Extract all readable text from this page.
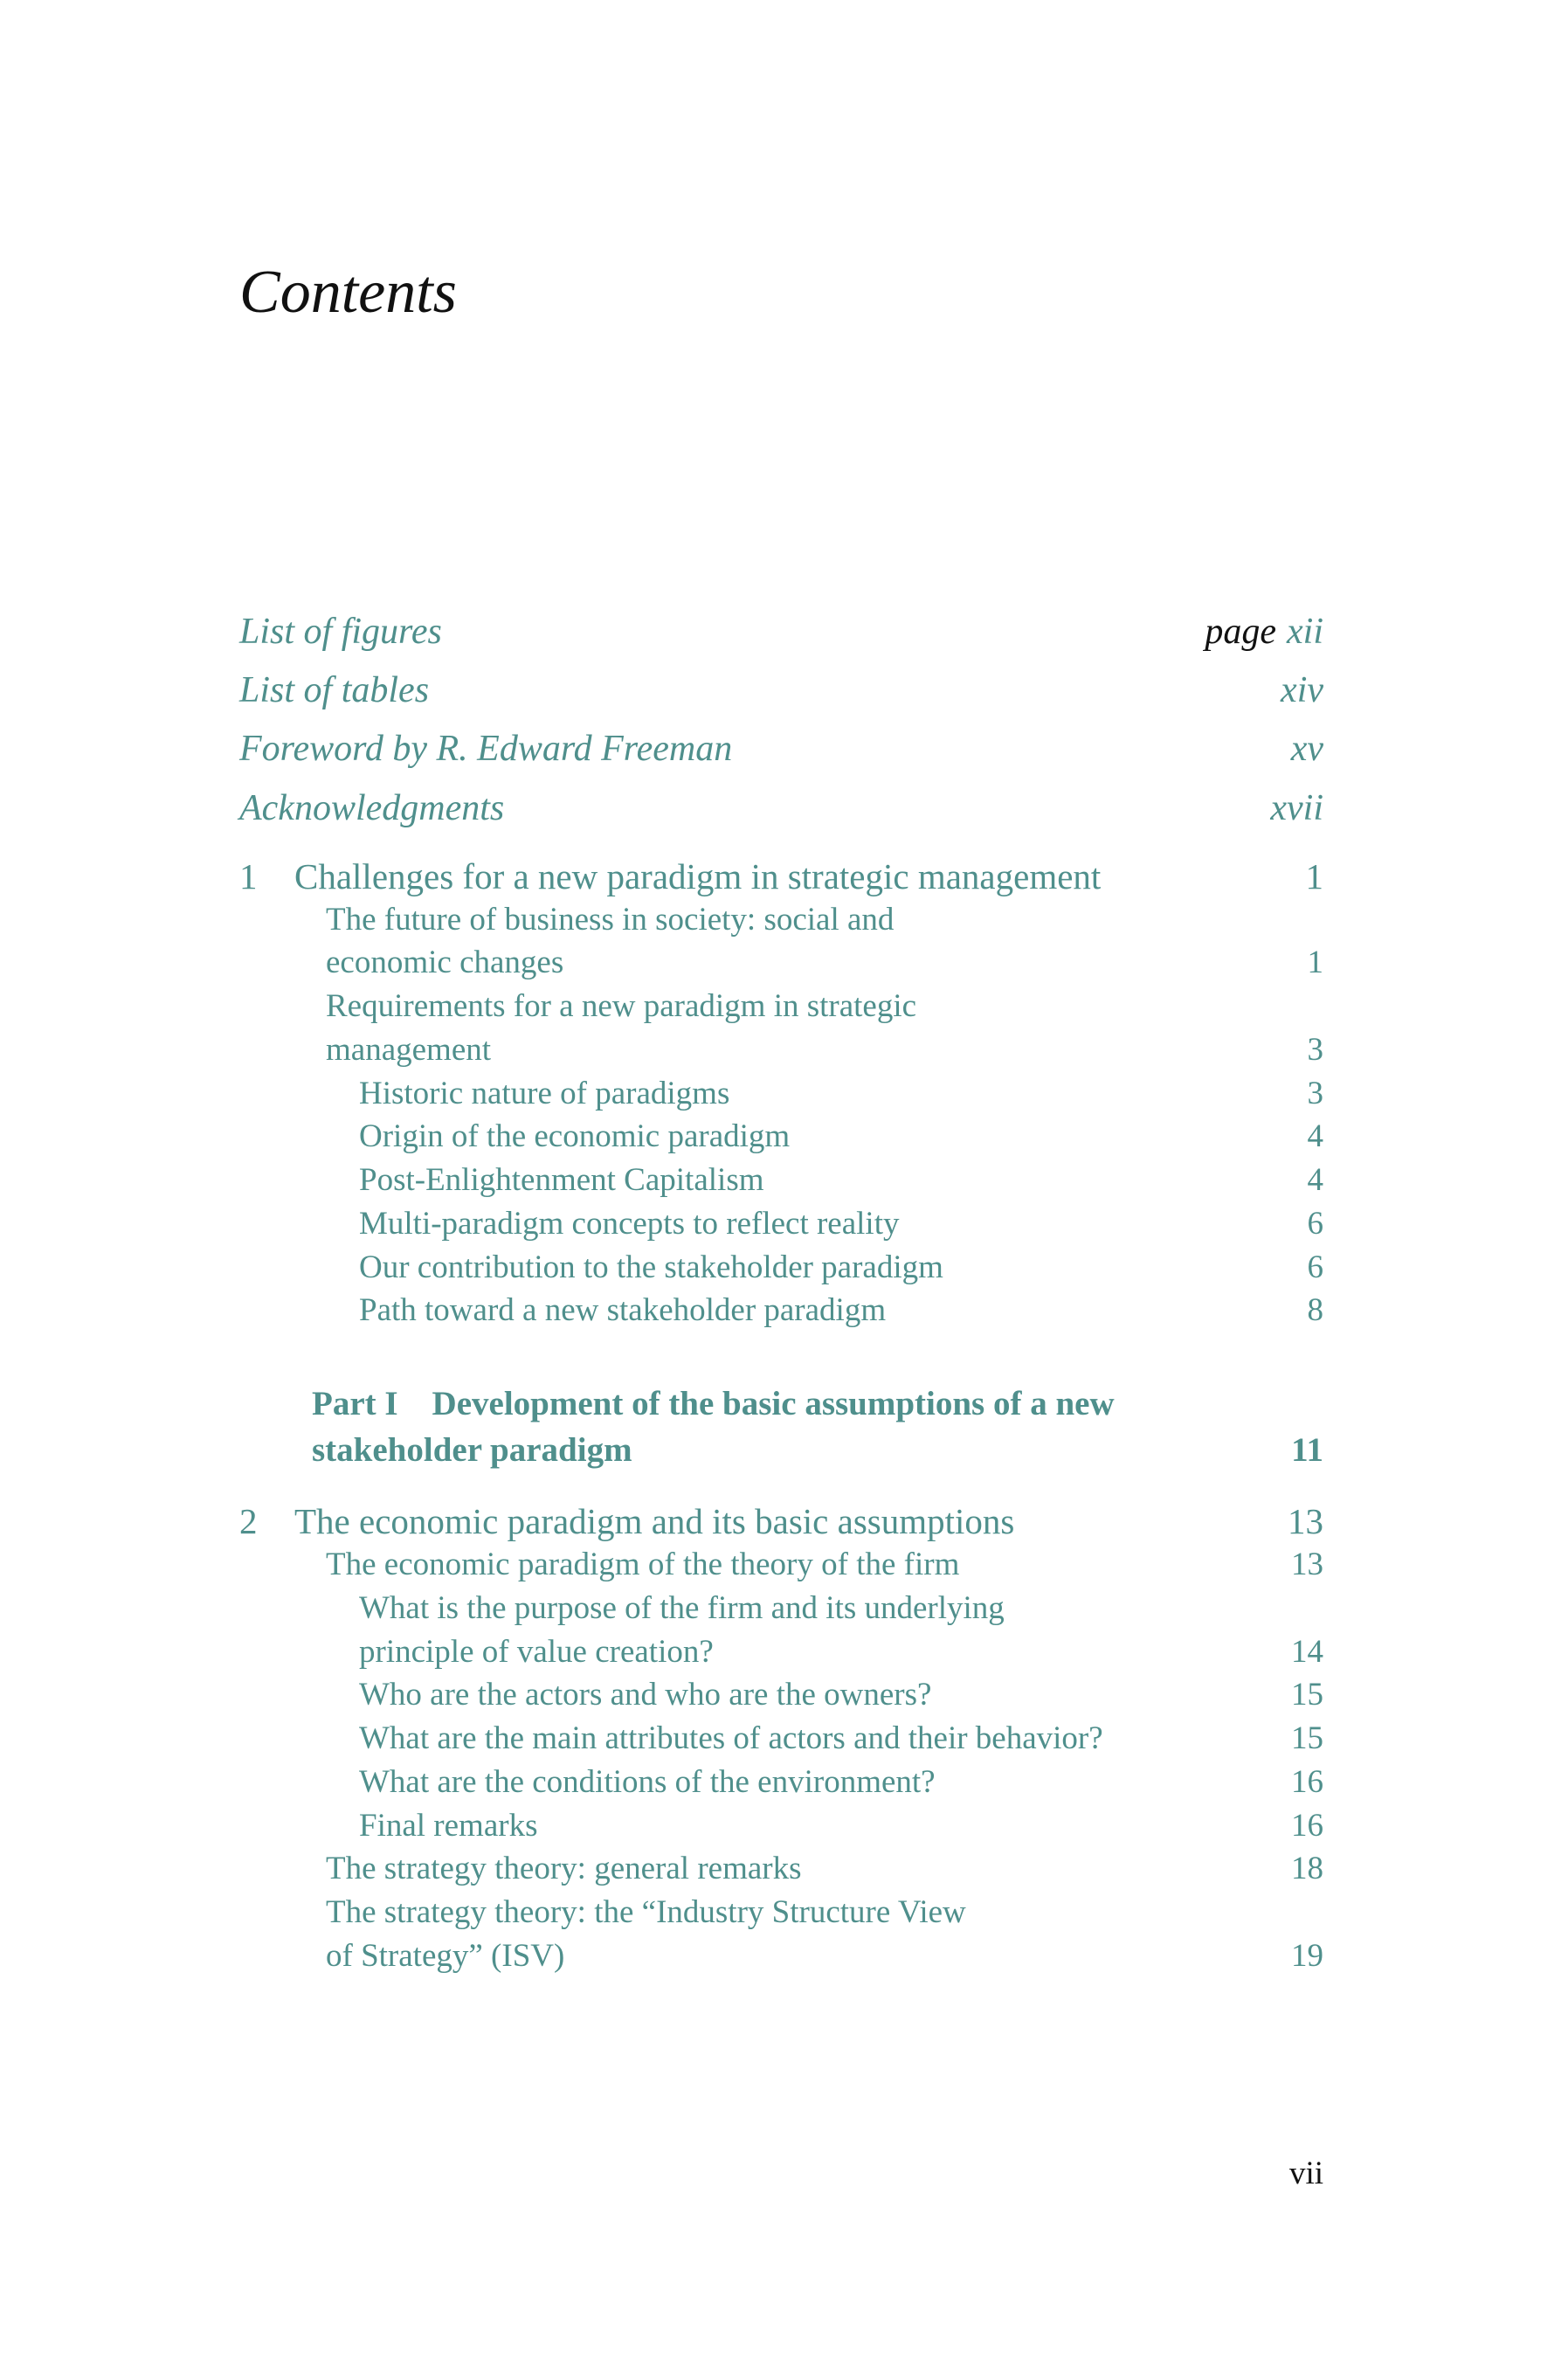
Contents
List of figures	page xii
List of tables	xiv
Foreword by R. Edward Freeman	xv
Acknowledgments	xvii
1 Challenges for a new paradigm in strategic management	1
The future of business in society: social and
economic changes	1
Requirements for a new paradigm in strategic
management	3
Historic nature of paradigms	3
Origin of the economic paradigm	4
Post-Enlightenment Capitalism	4
Multi-paradigm concepts to reflect reality	6
Our contribution to the stakeholder paradigm	6
Path toward a new stakeholder paradigm	8
Part I    Development of the basic assumptions of a new
stakeholder paradigm	11
2 The economic paradigm and its basic assumptions	13
The economic paradigm of the theory of the firm	13
What is the purpose of the firm and its underlying
principle of value creation?	14
Who are the actors and who are the owners?	15
What are the main attributes of actors and their behavior?	15
What are the conditions of the environment?	16
Final remarks	16
The strategy theory: general remarks	18
The strategy theory: the “Industry Structure View
of Strategy” (ISV)	19
vii
